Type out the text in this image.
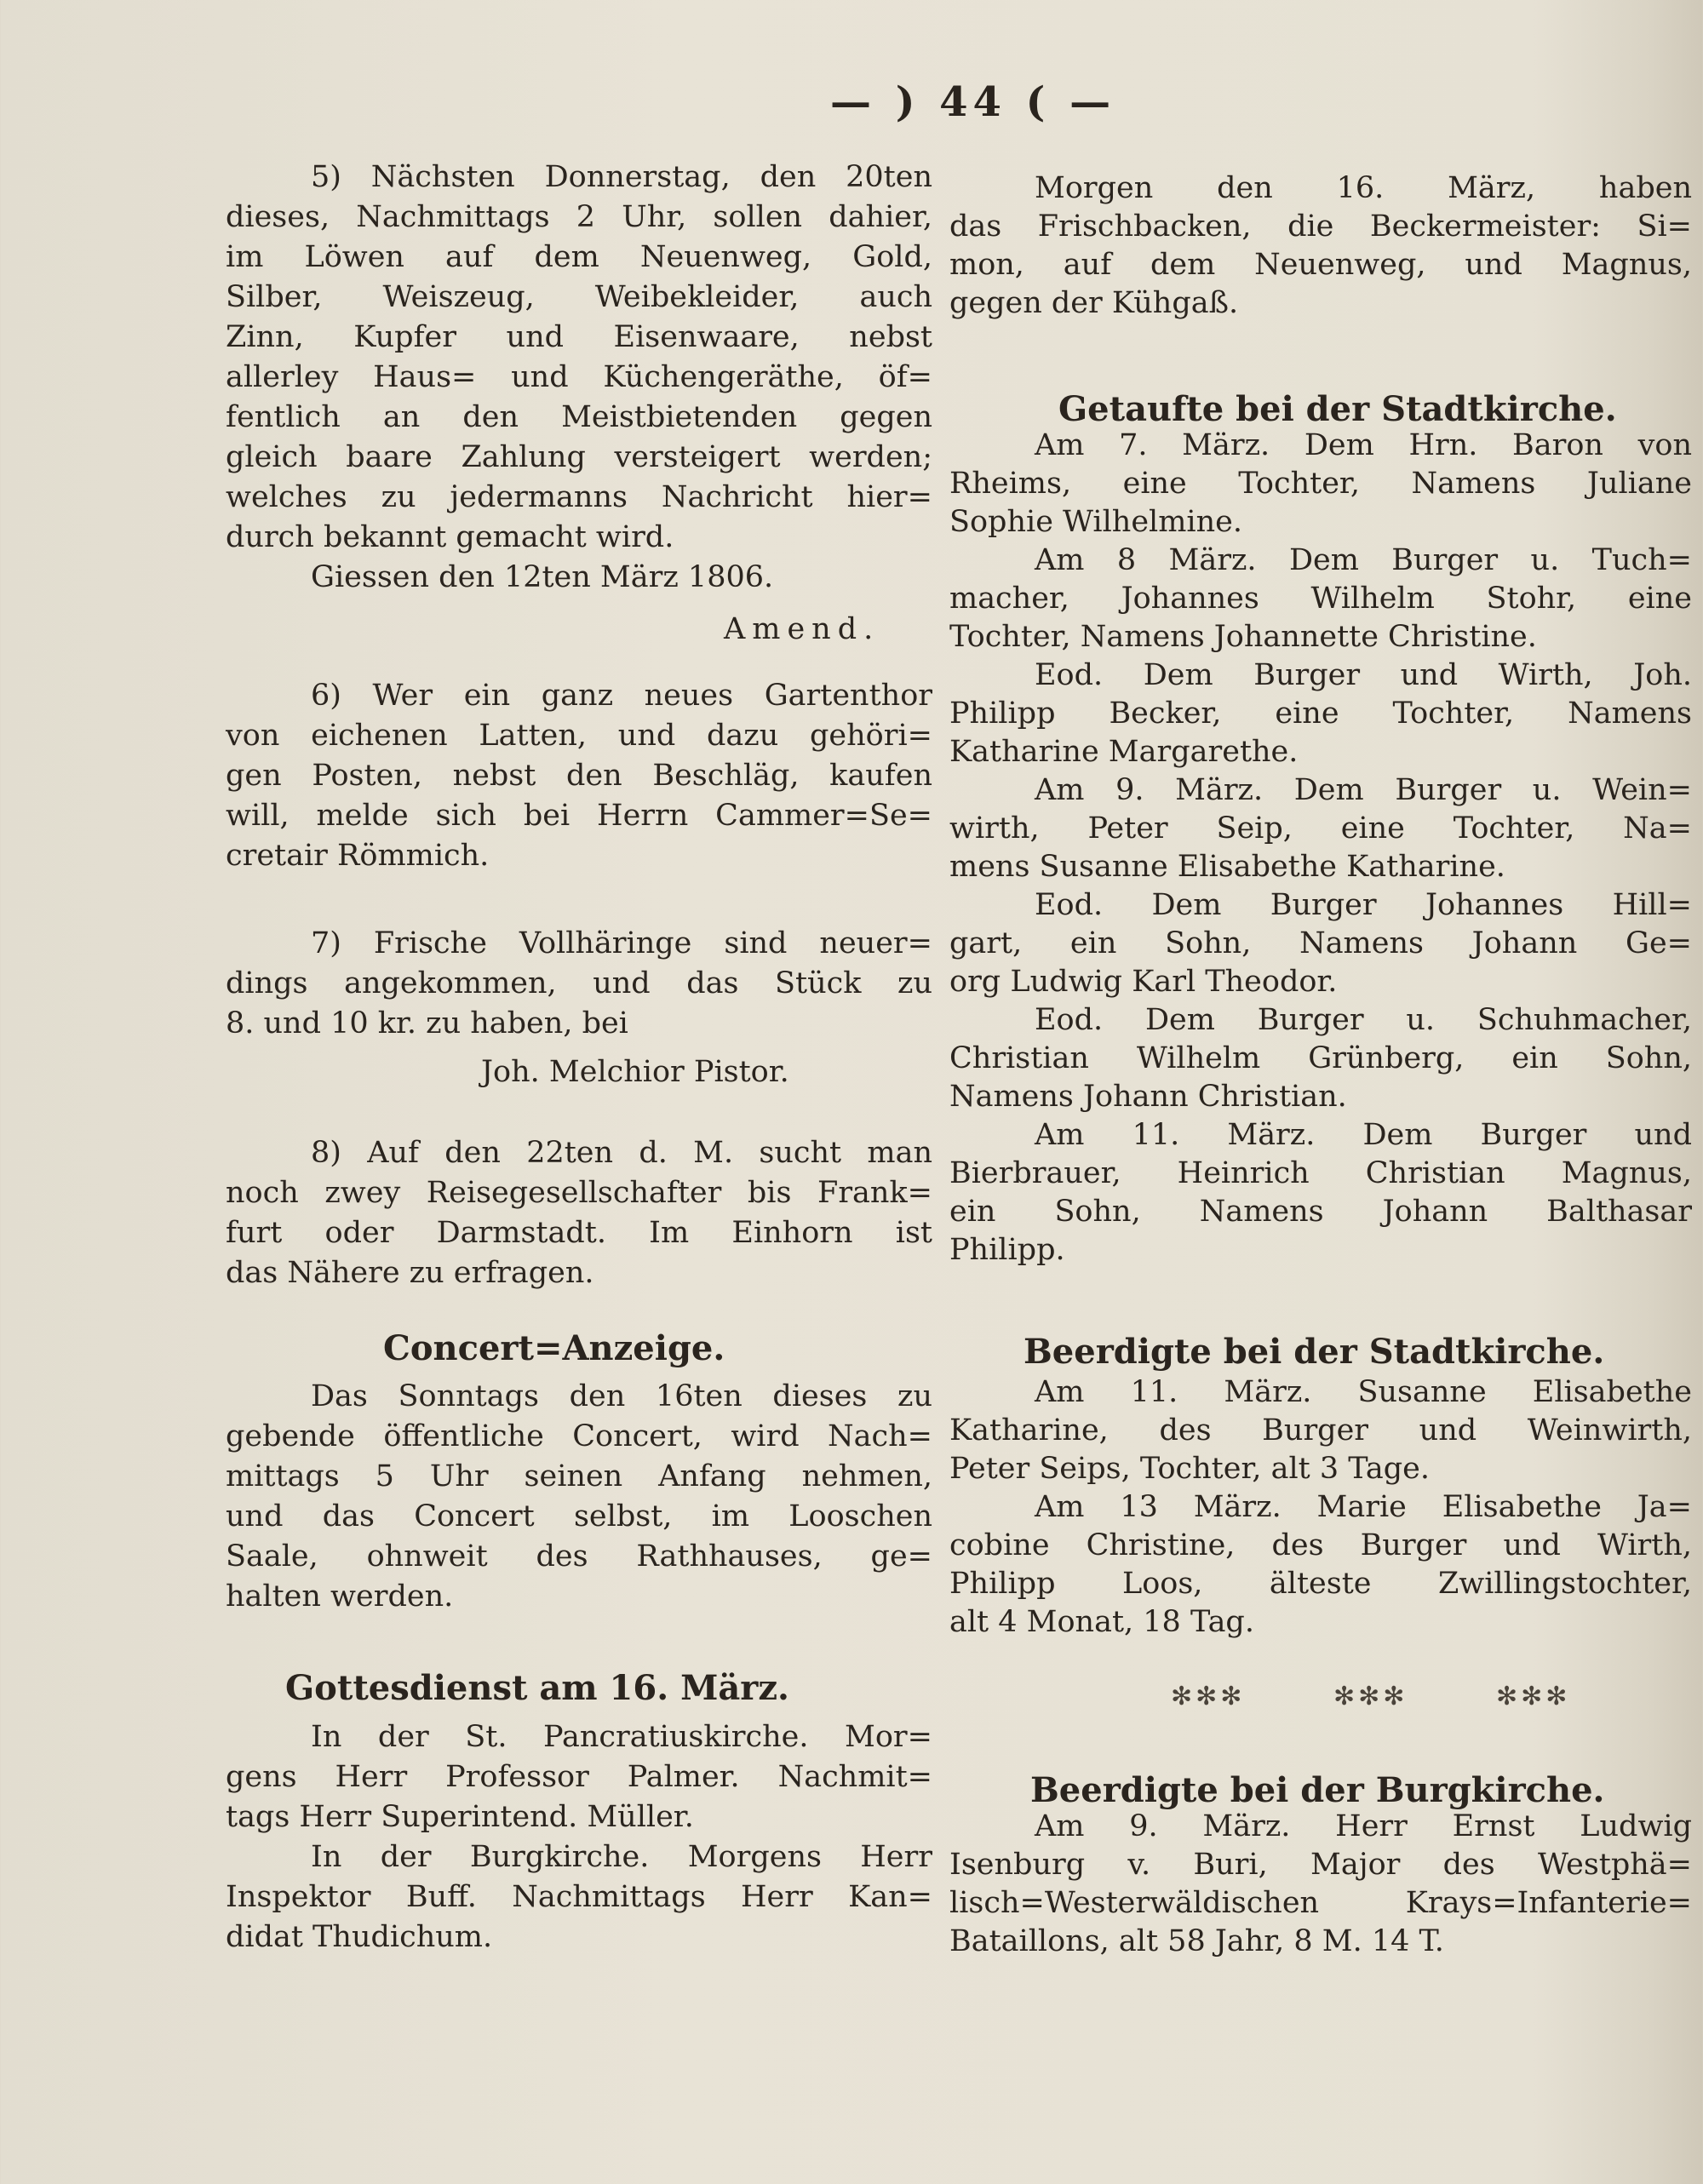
— ) 44 ( —
5) Nächsten Donnerstag, den 20ten
dieses, Nachmittags 2 Uhr, sollen dahier,
im Löwen auf dem Neuenweg, Gold,
Silber, Weiszeug, Weibekleider, auch
Zinn, Kupfer und Eisenwaare, nebst
allerley Haus= und Küchengeräthe, öf=
fentlich an den Meistbietenden gegen
gleich baare Zahlung versteigert werden;
welches zu jedermanns Nachricht hier=
durch bekannt gemacht wird.
Giessen den 12ten März 1806.
Amend.
6) Wer ein ganz neues Gartenthor
von eichenen Latten, und dazu gehöri=
gen Posten, nebst den Beschläg, kaufen
will, melde sich bei Herrn Cammer=Se=
cretair Römmich.
7) Frische Vollhäringe sind neuer=
dings angekommen, und das Stück zu
8. und 10 kr. zu haben, bei
Joh. Melchior Pistor.
8) Auf den 22ten d. M. sucht man
noch zwey Reisegesellschafter bis Frank=
furt oder Darmstadt. Im Einhorn ist
das Nähere zu erfragen.
Concert=Anzeige.
Das Sonntags den 16ten dieses zu
gebende öffentliche Concert, wird Nach=
mittags 5 Uhr seinen Anfang nehmen,
und das Concert selbst, im Looschen
Saale, ohnweit des Rathhauses, ge=
halten werden.
Gottesdienst am 16. März.
In der St. Pancratiuskirche. Mor=
gens Herr Professor Palmer. Nachmit=
tags Herr Superintend. Müller.
In der Burgkirche. Morgens Herr
Inspektor Buff. Nachmittags Herr Kan=
didat Thudichum.
Morgen den 16. März, haben
das Frischbacken, die Beckermeister: Si=
mon, auf dem Neuenweg, und Magnus,
gegen der Kühgaß.
Getaufte bei der Stadtkirche.
Am 7. März. Dem Hrn. Baron von
Rheims, eine Tochter, Namens Juliane
Sophie Wilhelmine.
Am 8 März. Dem Burger u. Tuch=
macher, Johannes Wilhelm Stohr, eine
Tochter, Namens Johannette Christine.
Eod. Dem Burger und Wirth, Joh.
Philipp Becker, eine Tochter, Namens
Katharine Margarethe.
Am 9. März. Dem Burger u. Wein=
wirth, Peter Seip, eine Tochter, Na=
mens Susanne Elisabethe Katharine.
Eod. Dem Burger Johannes Hill=
gart, ein Sohn, Namens Johann Ge=
org Ludwig Karl Theodor.
Eod. Dem Burger u. Schuhmacher,
Christian Wilhelm Grünberg, ein Sohn,
Namens Johann Christian.
Am 11. März. Dem Burger und
Bierbrauer, Heinrich Christian Magnus,
ein Sohn, Namens Johann Balthasar
Philipp.
Beerdigte bei der Stadtkirche.
Am 11. März. Susanne Elisabethe
Katharine, des Burger und Weinwirth,
Peter Seips, Tochter, alt 3 Tage.
Am 13 März. Marie Elisabethe Ja=
cobine Christine, des Burger und Wirth,
Philipp Loos, älteste Zwillingstochter,
alt 4 Monat, 18 Tag.
✻✻✻	✻✻✻	✻✻✻
Beerdigte bei der Burgkirche.
Am 9. März. Herr Ernst Ludwig
Isenburg v. Buri, Major des Westphä=
lisch=Westerwäldischen Krays=Infanterie=
Bataillons, alt 58 Jahr, 8 M. 14 T.
